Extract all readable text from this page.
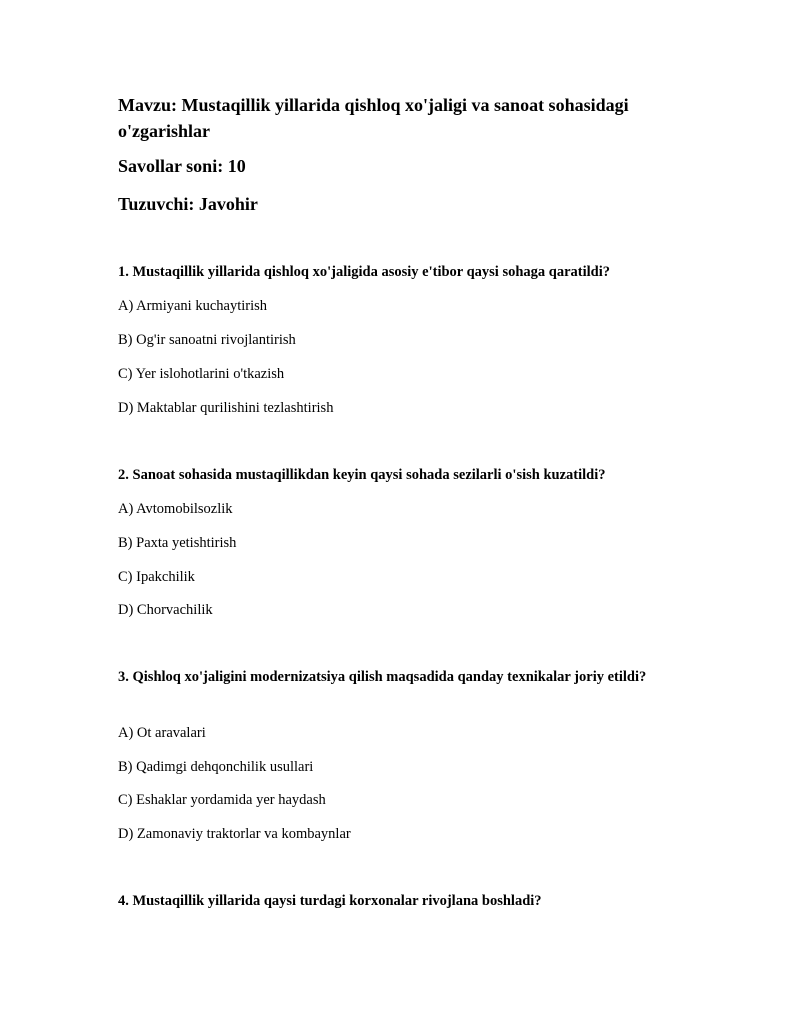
Mavzu: Mustaqillik yillarida qishloq xo'jaligi va sanoat sohasidagi o'zgarishlar

Savollar soni: 10

Tuzuvchi: Javohir

1. Mustaqillik yillarida qishloq xo'jaligida asosiy e'tibor qaysi sohaga qaratildi?

A) Armiyani kuchaytirish

B) Og'ir sanoatni rivojlantirish

C) Yer islohotlarini o'tkazish

D) Maktablar qurilishini tezlashtirish

2. Sanoat sohasida mustaqillikdan keyin qaysi sohada sezilarli o'sish kuzatildi?

A) Avtomobilsozlik

B) Paxta yetishtirish

C) Ipakchilik

D) Chorvachilik

3. Qishloq xo'jaligini modernizatsiya qilish maqsadida qanday texnikalar joriy etildi?

A) Ot aravalari

B) Qadimgi dehqonchilik usullari

C) Eshaklar yordamida yer haydash

D) Zamonaviy traktorlar va kombaynlar

4. Mustaqillik yillarida qaysi turdagi korxonalar rivojlana boshladi?
